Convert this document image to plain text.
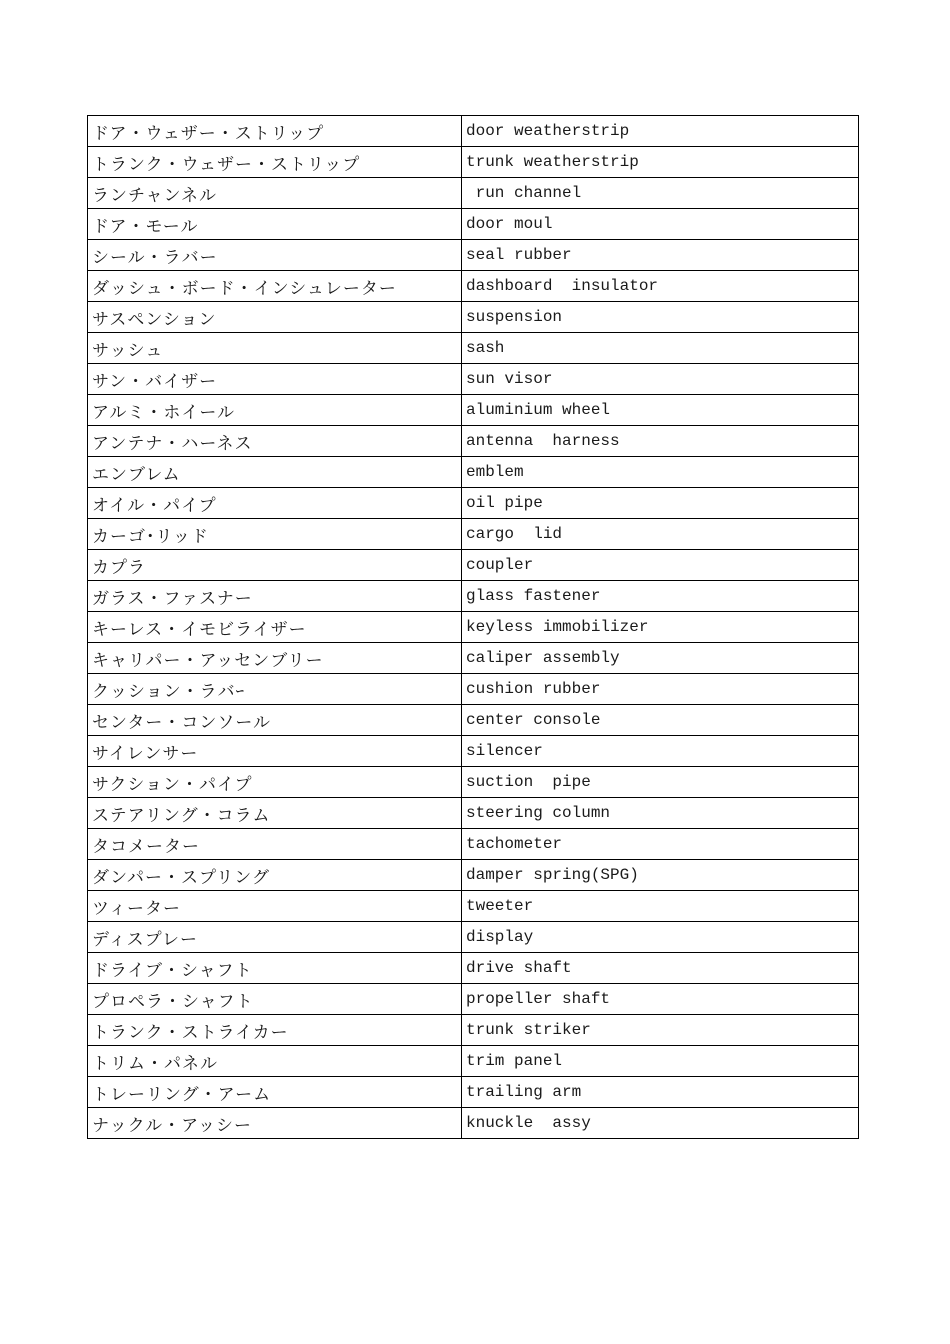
ドア・ウェザー・ストリップ	door weatherstrip
トランク・ウェザー・ストリップ	trunk weatherstrip
ランチャンネル	run channel
ドア・モール	door moul
シール・ラバー	seal rubber
ダッシュ・ボード・インシュレーター	dashboard  insulator
サスペンション	suspension
サッシュ	sash
サン・バイザー	sun visor
アルミ・ホイール	aluminium wheel
アンテナ・ハーネス	antenna  harness
エンブレム	emblem
オイル・パイプ	oil pipe
カーゴ･リッド	cargo  lid
カプラ	coupler
ガラス・ファスナー	glass fastener
キーレス・イモビライザー	keyless immobilizer
キャリパー・アッセンブリー	caliper assembly
クッション・ラバｰ	cushion rubber
センター・コンソール	center console
サイレンサー	silencer
サクション・パイプ	suction  pipe
ステアリング・コラム	steering column
タコメーター	tachometer
ダンパー・スプリング	damper spring(SPG)
ツィーター	tweeter
ディスプレー	display
ドライブ・シャフト	drive shaft
プロペラ・シャフト	propeller shaft
トランク・ストライカー	trunk striker
トリム・パネル	trim panel
トレーリング・アーム	trailing arm
ナックル・アッシー	knuckle  assy
